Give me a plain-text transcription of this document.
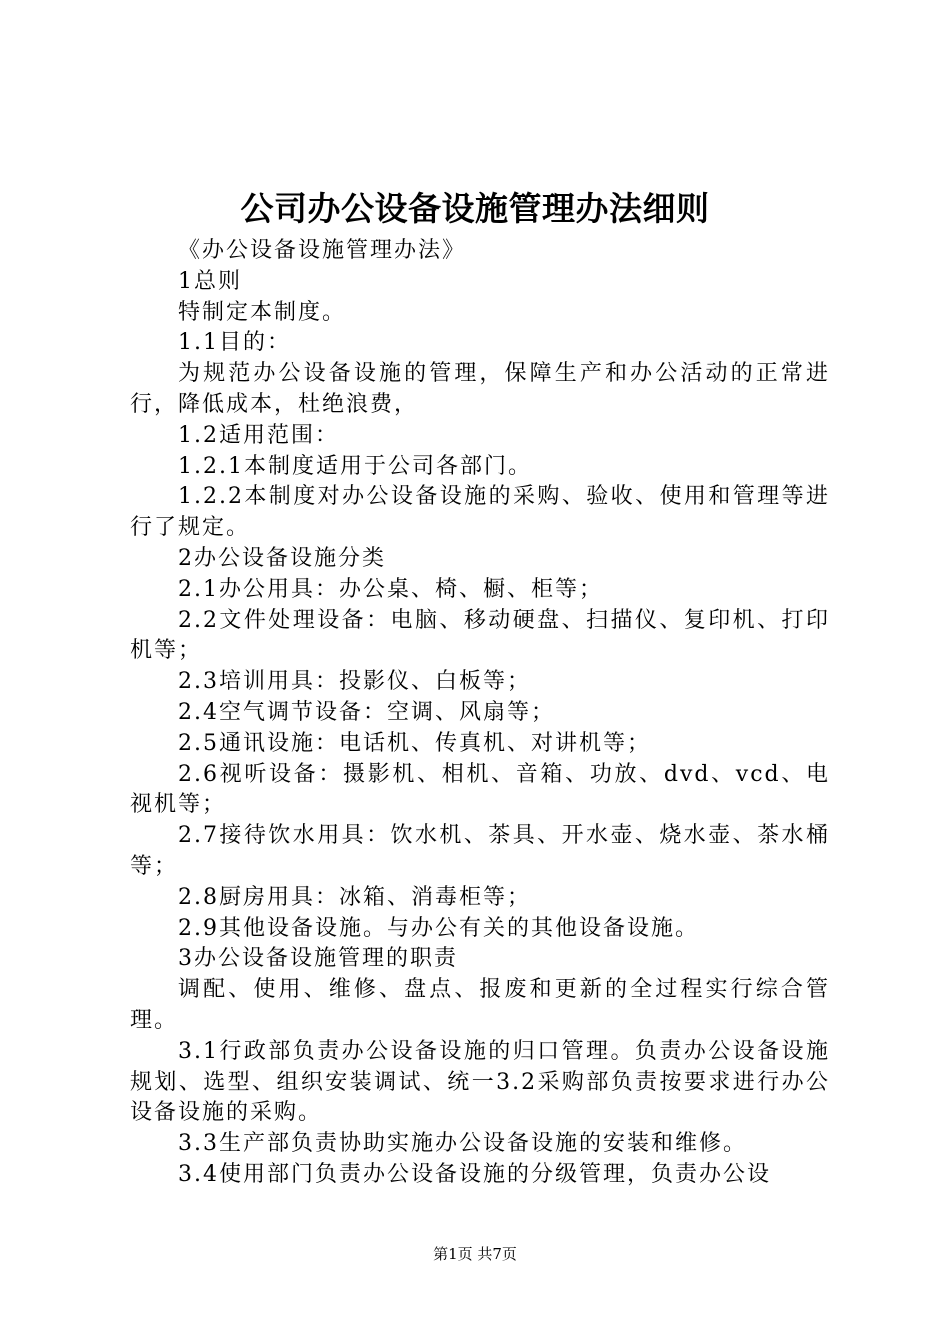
公司办公设备设施管理办法细则

《办公设备设施管理办法》

1总则

特制定本制度。

1.1目的：

为规范办公设备设施的管理，保障生产和办公活动的正常进行，降低成本，杜绝浪费，

1.2适用范围：

1.2.1本制度适用于公司各部门。

1.2.2本制度对办公设备设施的采购、验收、使用和管理等进行了规定。

2办公设备设施分类

2.1办公用具：办公桌、椅、橱、柜等；

2.2文件处理设备：电脑、移动硬盘、扫描仪、复印机、打印机等；

2.3培训用具：投影仪、白板等；

2.4空气调节设备：空调、风扇等；

2.5通讯设施：电话机、传真机、对讲机等；

2.6视听设备：摄影机、相机、音箱、功放、dvd、vcd、电视机等；

2.7接待饮水用具：饮水机、茶具、开水壶、烧水壶、茶水桶等；

2.8厨房用具：冰箱、消毒柜等；

2.9其他设备设施。与办公有关的其他设备设施。

3办公设备设施管理的职责

调配、使用、维修、盘点、报废和更新的全过程实行综合管理。

3.1行政部负责办公设备设施的归口管理。负责办公设备设施规划、选型、组织安装调试、统一3.2采购部负责按要求进行办公设备设施的采购。

3.3生产部负责协助实施办公设备设施的安装和维修。

3.4使用部门负责办公设备设施的分级管理，负责办公设

第1页 共7页
